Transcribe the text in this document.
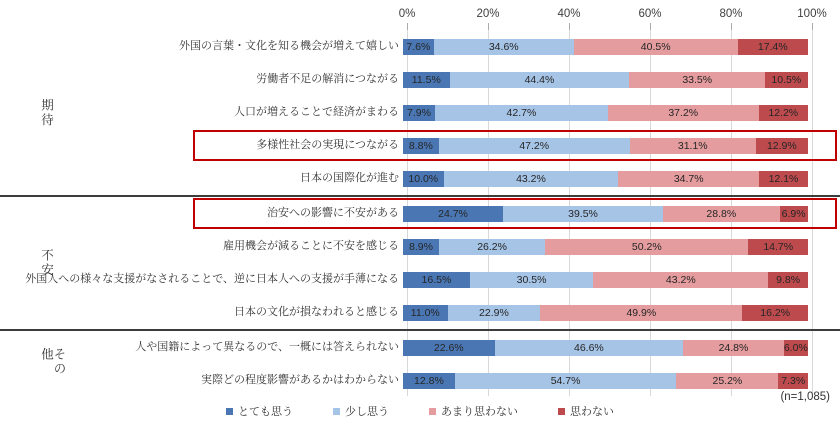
0%	20%	40%	60%	80%	100%
期待
外国の言葉・文化を知る機会が増えて嬉しい 7.6%	34.6%	40.5%	17.4%
労働者不足の解消につながる	11.5%	44.4%	33.5%	10.5%
人口が増えることで経済がまわる 7.9%	42.7%	37.2%	12.2%
多様性社会の実現につながる 8.8%	47.2%	31.1%	12.9%
日本の国際化が進む 10.0%	43.2%	34.7%	12.1%
不安
治安への影響に不安がある	24.7%	39.5%	28.8%	6.9%
雇用機会が減ることに不安を感じる 8.9%	26.2%	50.2%	14.7%
外国人への様々な支援がなされることで、逆に日本人への支援が手薄になる	16.5%	30.5%	43.2%	9.8%
日本の文化が損なわれると感じる	11.0%	22.9%	49.9%	16.2%
その他
人や国籍によって異なるので、一概には答えられない	22.6%	46.6%	24.8%	6.0%
実際どの程度影響があるかはわからない	12.8%	54.7%	25.2%	7.3%
(n=1,085)
とても思う	少し思う	あまり思わない	思わない
